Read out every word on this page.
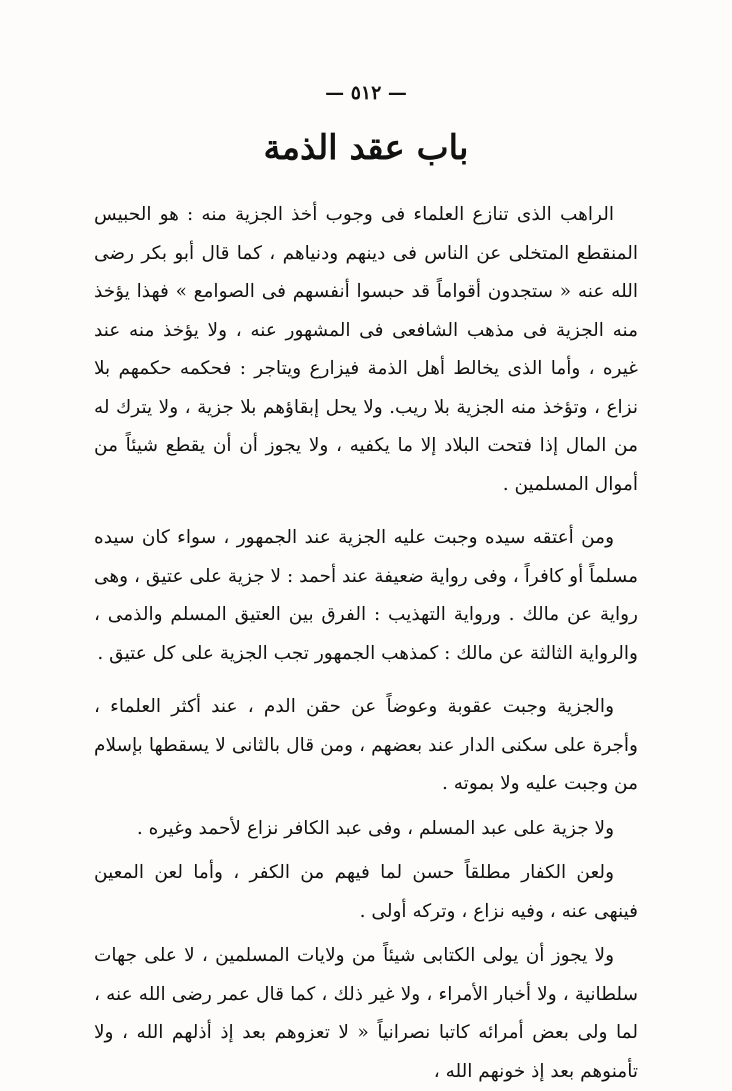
— ٥١٢ —
باب عقد الذمة

الراهب الذى تنازع العلماء فى وجوب أخذ الجزية منه : هو الحبيس المنقطع المتخلى عن الناس فى دينهم ودنياهم ، كما قال أبو بكر رضى الله عنه « ستجدون أقواماً قد حبسوا أنفسهم فى الصوامع » فهذا يؤخذ منه الجزية فى مذهب الشافعى فى المشهور عنه ، ولا يؤخذ منه عند غيره ، وأما الذى يخالط أهل الذمة فيزارع ويتاجر : فحكمه حكمهم بلا نزاع ، وتؤخذ منه الجزية بلا ريب. ولا يحل إبقاؤهم بلا جزية ، ولا يترك له من المال إذا فتحت البلاد إلا ما يكفيه ، ولا يجوز أن أن يقطع شيئاً من أموال المسلمين .

ومن أعتقه سيده وجبت عليه الجزية عند الجمهور ، سواء كان سيده مسلماً أو كافراً ، وفى رواية ضعيفة عند أحمد : لا جزية على عتيق ، وهى رواية عن مالك . ورواية التهذيب : الفرق بين العتيق المسلم والذمى ، والرواية الثالثة عن مالك : كمذهب الجمهور تجب الجزية على كل عتيق .

والجزية وجبت عقوبة وعوضاً عن حقن الدم ، عند أكثر العلماء ، وأجرة على سكنى الدار عند بعضهم ، ومن قال بالثانى لا يسقطها بإسلام من وجبت عليه ولا بموته .

ولا جزية على عبد المسلم ، وفى عبد الكافر نزاع لأحمد وغيره .

ولعن الكفار مطلقاً حسن لما فيهم من الكفر ، وأما لعن المعين فينهى عنه ، وفيه نزاع ، وتركه أولى .

ولا يجوز أن يولى الكتابى شيئاً من ولايات المسلمين ، لا على جهات سلطانية ، ولا أخبار الأمراء ، ولا غير ذلك ، كما قال عمر رضى الله عنه ، لما ولى بعض أمرائه كاتبا نصرانياً « لا تعزوهم بعد إذ أذلهم الله ، ولا تأمنوهم بعد إذ خونهم الله ،
